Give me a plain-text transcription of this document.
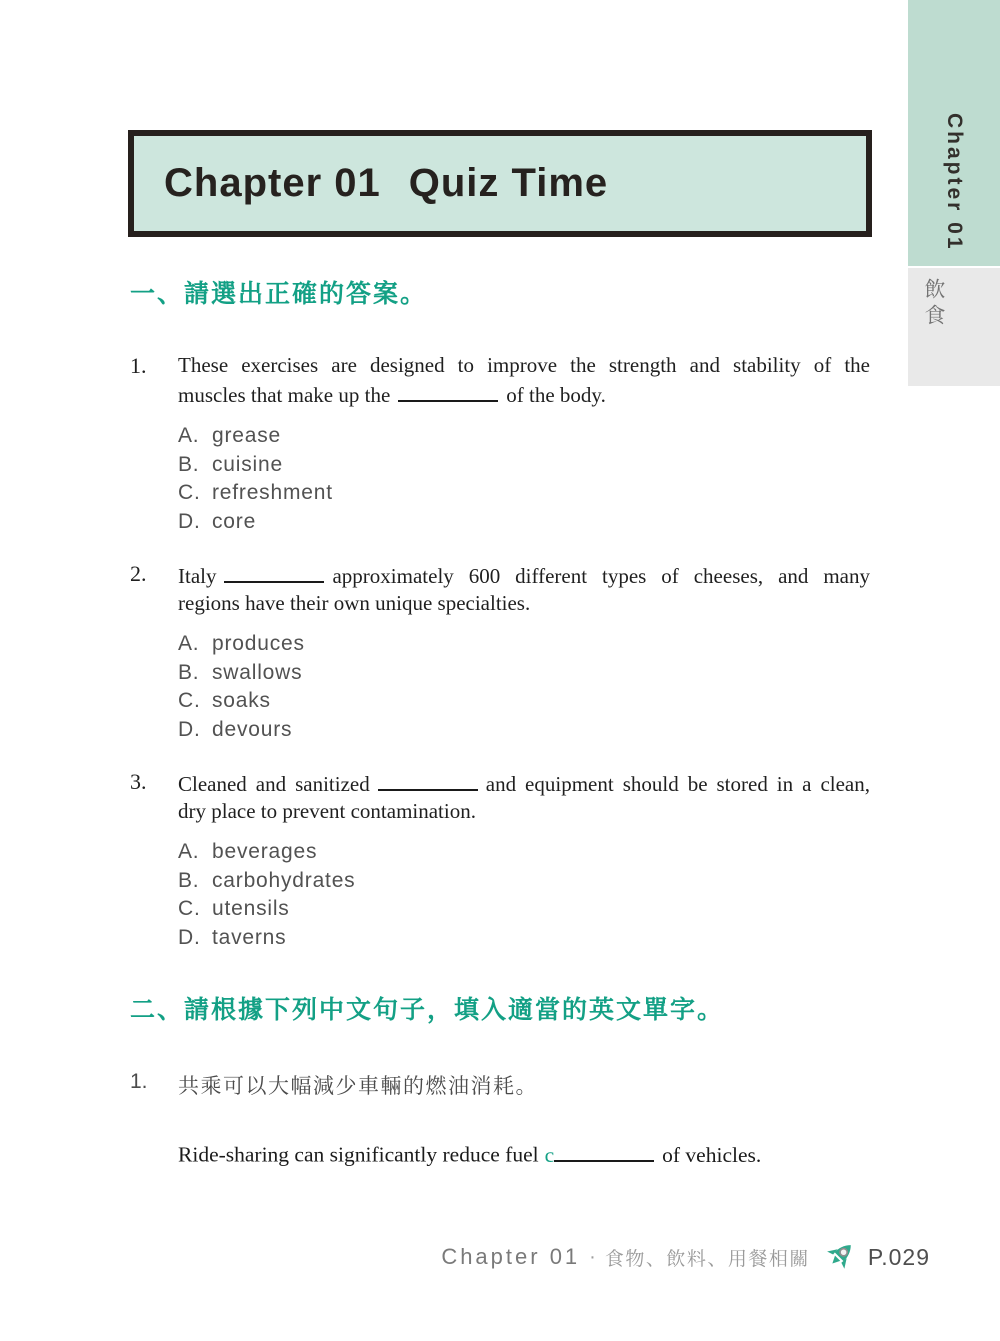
Chapter 01
飲食
Chapter 01 Quiz Time
一、請選出正確的答案。
1.	These exercises are designed to improve the strength and stability of the
muscles that make up the	of the body.
A. grease
B. cuisine
C. refreshment
D. core
2.	Italy	approximately 600 different types of cheeses, and many
regions have their own unique specialties.
A. produces
B. swallows
C. soaks
D. devours
3.	Cleaned and sanitized	and equipment should be stored in a clean,
dry place to prevent contamination.
A. beverages
B. carbohydrates
C. utensils
D. taverns
二、請根據下列中文句子，填入適當的英文單字。
1.	共乘可以大幅減少車輛的燃油消耗。
Ride-sharing can significantly reduce fuel c	of vehicles.
Chapter 01 · 食物、飲料、用餐相關	P.029
